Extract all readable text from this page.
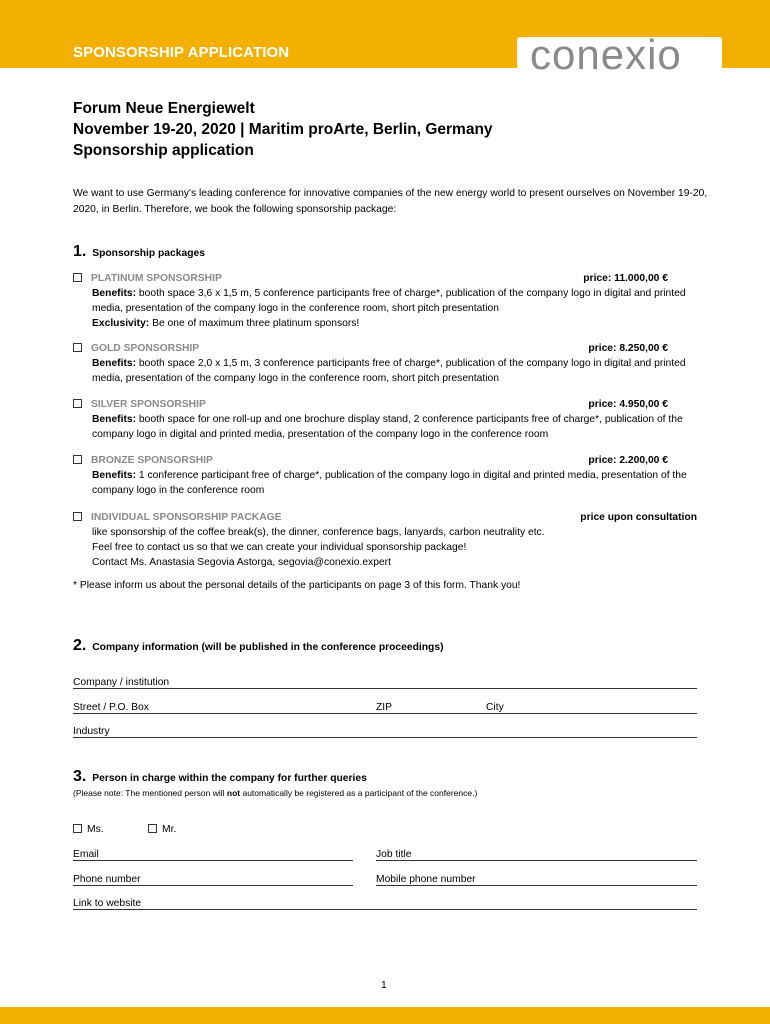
SPONSORSHIP APPLICATION	conexio
Forum Neue Energiewelt
November 19-20, 2020 | Maritim proArte, Berlin, Germany
Sponsorship application
We want to use Germany's leading conference for innovative companies of the new energy world to present ourselves on November 19-20, 2020, in Berlin. Therefore, we book the following sponsorship package:
1. Sponsorship packages
PLATINUM SPONSORSHIP	price: 11.000,00 €
Benefits: booth space 3,6 x 1,5 m, 5 conference participants free of charge*, publication of the company logo in digital and printed media, presentation of the company logo in the conference room, short pitch presentation
Exclusivity: Be one of maximum three platinum sponsors!
GOLD SPONSORSHIP	price: 8.250,00 €
Benefits: booth space 2,0 x 1,5 m, 3 conference participants free of charge*, publication of the company logo in digital and printed media, presentation of the company logo in the conference room, short pitch presentation
SILVER SPONSORSHIP	price: 4.950,00 €
Benefits: booth space for one roll-up and one brochure display stand, 2 conference participants free of charge*, publication of the company logo in digital and printed media, presentation of the company logo in the conference room
BRONZE SPONSORSHIP	price: 2.200,00 €
Benefits: 1 conference participant free of charge*, publication of the company logo in digital and printed media, presentation of the company logo in the conference room
INDIVIDUAL SPONSORSHIP PACKAGE	price upon consultation
like sponsorship of the coffee break(s), the dinner, conference bags, lanyards, carbon neutrality etc.
Feel free to contact us so that we can create your individual sponsorship package!
Contact Ms. Anastasia Segovia Astorga, segovia@conexio.expert
* Please inform us about the personal details of the participants on page 3 of this form. Thank you!
2. Company information (will be published in the conference proceedings)
Company / institution
Street / P.O. Box	ZIP	City
Industry
3. Person in charge within the company for further queries
(Please note: The mentioned person will not automatically be registered as a participant of the conference.)
Ms.	Mr.
Email	Job title
Phone number	Mobile phone number
Link to website
1
